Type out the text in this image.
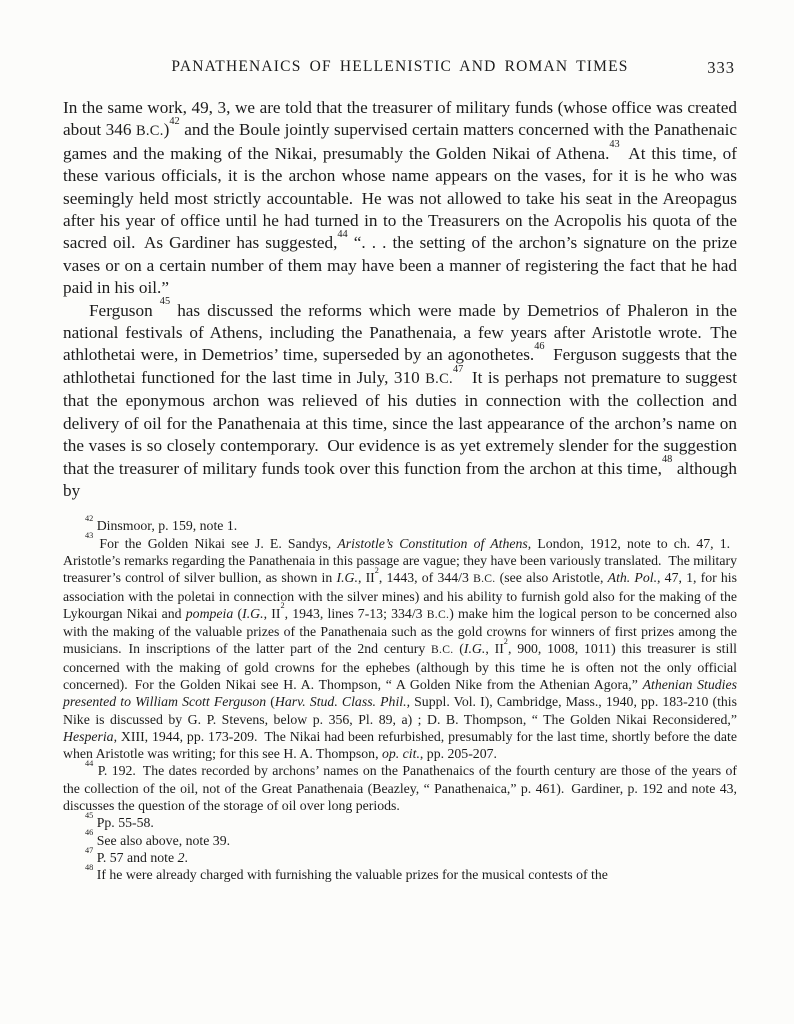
PANATHENAICS OF HELLENISTIC AND ROMAN TIMES	333

In the same work, 49, 3, we are told that the treasurer of military funds (whose office was created about 346 B.C.)$^{42}$ and the Boule jointly supervised certain matters concerned with the Panathenaic games and the making of the Nikai, presumably the Golden Nikai of Athena.$^{43}$ At this time, of these various officials, it is the archon whose name appears on the vases, for it is he who was seemingly held most strictly accountable. He was not allowed to take his seat in the Areopagus after his year of office until he had turned in to the Treasurers on the Acropolis his quota of the sacred oil. As Gardiner has suggested,$^{44}$ “. . . the setting of the archon’s signature on the prize vases or on a certain number of them may have been a manner of registering the fact that he had paid in his oil.”

Ferguson $^{45}$ has discussed the reforms which were made by Demetrios of Phaleron in the national festivals of Athens, including the Panathenaia, a few years after Aristotle wrote. The athlothetai were, in Demetrios’ time, superseded by an agonothetes.$^{46}$ Ferguson suggests that the athlothetai functioned for the last time in July, 310 B.C.$^{47}$ It is perhaps not premature to suggest that the eponymous archon was relieved of his duties in connection with the collection and delivery of oil for the Panathenaia at this time, since the last appearance of the archon’s name on the vases is so closely contemporary. Our evidence is as yet extremely slender for the suggestion that the treasurer of military funds took over this function from the archon at this time,$^{48}$ although by

$^{42}$ Dinsmoor, p. 159, note 1.

$^{43}$ For the Golden Nikai see J. E. Sandys, Aristotle’s Constitution of Athens, London, 1912, note to ch. 47, 1. Aristotle’s remarks regarding the Panathenaia in this passage are vague; they have been variously translated. The military treasurer’s control of silver bullion, as shown in I.G., $II^2$, 1443, of 344/3 B.C. (see also Aristotle, Ath. Pol., 47, 1, for his association with the poletai in connection with the silver mines) and his ability to furnish gold also for the making of the Lykourgan Nikai and pompeia (I.G., $II^2$, 1943, lines 7-13; 334/3 B.C.) make him the logical person to be concerned also with the making of the valuable prizes of the Panathenaia such as the gold crowns for winners of first prizes among the musicians. In inscriptions of the latter part of the 2nd century B.C. (I.G., $II^2$, 900, 1008, 1011) this treasurer is still concerned with the making of gold crowns for the ephebes (although by this time he is often not the only official concerned). For the Golden Nikai see H. A. Thompson, “ A Golden Nike from the Athenian Agora,” Athenian Studies presented to William Scott Ferguson (Harv. Stud. Class. Phil., Suppl. Vol. I), Cambridge, Mass., 1940, pp. 183-210 (this Nike is discussed by G. P. Stevens, below p. 356, Pl. 89, a) ; D. B. Thompson, “ The Golden Nikai Reconsidered,” Hesperia, XIII, 1944, pp. 173-209. The Nikai had been refurbished, presumably for the last time, shortly before the date when Aristotle was writing; for this see H. A. Thompson, op. cit., pp. 205-207.

$^{44}$ P. 192. The dates recorded by archons’ names on the Panathenaics of the fourth century are those of the years of the collection of the oil, not of the Great Panathenaia (Beazley, “ Panathenaica,” p. 461). Gardiner, p. 192 and note 43, discusses the question of the storage of oil over long periods.

$^{45}$ Pp. 55-58.

$^{46}$ See also above, note 39.

$^{47}$ P. 57 and note 2.

$^{48}$ If he were already charged with furnishing the valuable prizes for the musical contests of the
